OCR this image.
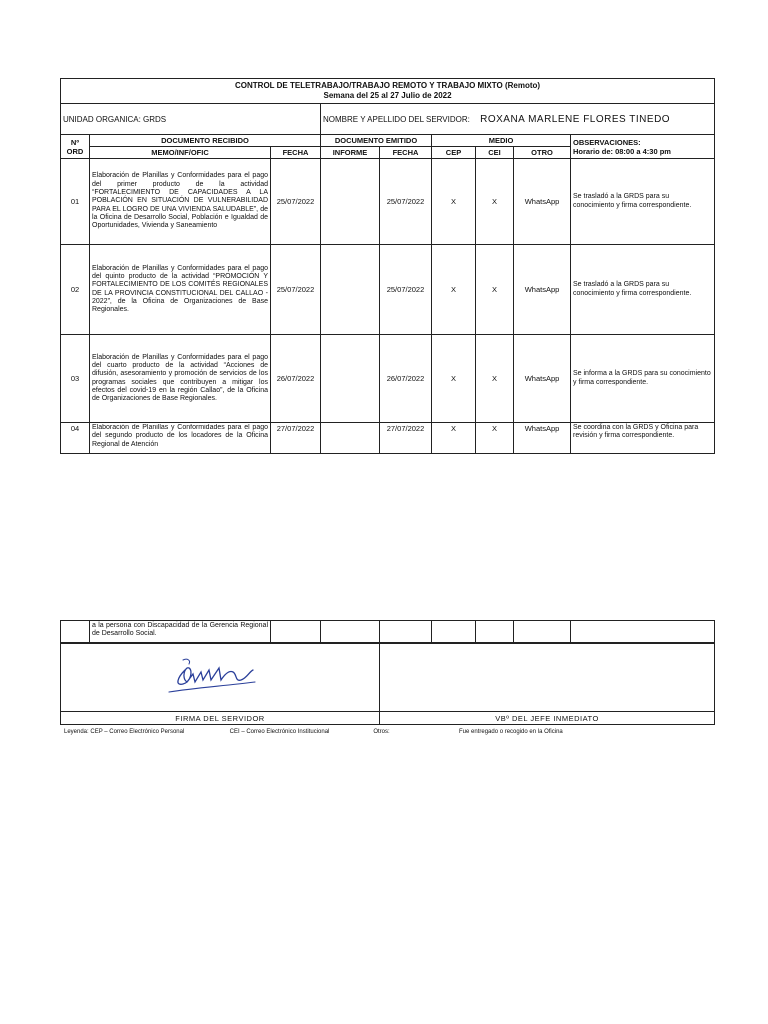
CONTROL DE TELETRABAJO/TRABAJO REMOTO Y TRABAJO MIXTO (Remoto)
Semana del 25 al 27 Julio de 2022								

UNIDAD ORGANICA: GRDS			NOMBRE Y APELLIDO DEL SERVIDOR: ROXANA MARLENE FLORES TINEDO					
Nº ORD	DOCUMENTO RECIBIDO		DOCUMENTO EMITIDO		MEDIO			OBSERVACIONES:
Horario de: 08:00 a 4:30 pm

	MEMO/INF/OFIC	FECHA	INFORME	FECHA	CEP	CEI	OTRO	
01	Elaboración de Planillas y Conformidades para el pago del primer producto de la actividad “FORTALECIMIENTO DE CAPACIDADES A LA POBLACIÓN EN SITUACIÓN DE VULNERABILIDAD PARA EL LOGRO DE UNA VIVIENDA SALUDABLE”, de la Oficina de Desarrollo Social, Población e Igualdad de Oportunidades, Vivienda y Saneamiento	25/07/2022		25/07/2022	X	X	WhatsApp	Se trasladó a la GRDS para su conocimiento y firma correspondiente.
02	Elaboración de Planillas y Conformidades para el pago del quinto producto de la actividad “PROMOCIÓN Y FORTALECIMIENTO DE LOS COMITÉS REGIONALES DE LA PROVINCIA CONSTITUCIONAL DEL CALLAO - 2022”, de la Oficina de Organizaciones de Base Regionales.	25/07/2022		25/07/2022	X	X	WhatsApp	Se trasladó a la GRDS para su conocimiento y firma correspondiente.
03	Elaboración de Planillas y Conformidades para el pago del cuarto producto de la actividad “Acciones de difusión, asesoramiento y promoción de servicios de los programas sociales que contribuyen a mitigar los efectos del covid-19 en la región Callao”, de la Oficina de Organizaciones de Base Regionales.	26/07/2022		26/07/2022	X	X	WhatsApp	Se informa a la GRDS para su conocimiento y firma correspondiente.
04	Elaboración de Planillas y Conformidades para el pago del segundo producto de los locadores de la Oficina Regional de Atención	27/07/2022		27/07/2022	X	X	WhatsApp	Se coordina con la GRDS y Oficina para revisión y firma correspondiente.
	a la persona con Discapacidad de la Gerencia Regional de Desarrollo Social.							

FIRMA DEL SERVIDOR	VBº DEL JEFE INMEDIATO
Leyenda: CEP – Correo Electrónico Personal	CEI – Correo Electrónico Institucional	Otros:	Fue entregado o recogido en la Oficina
